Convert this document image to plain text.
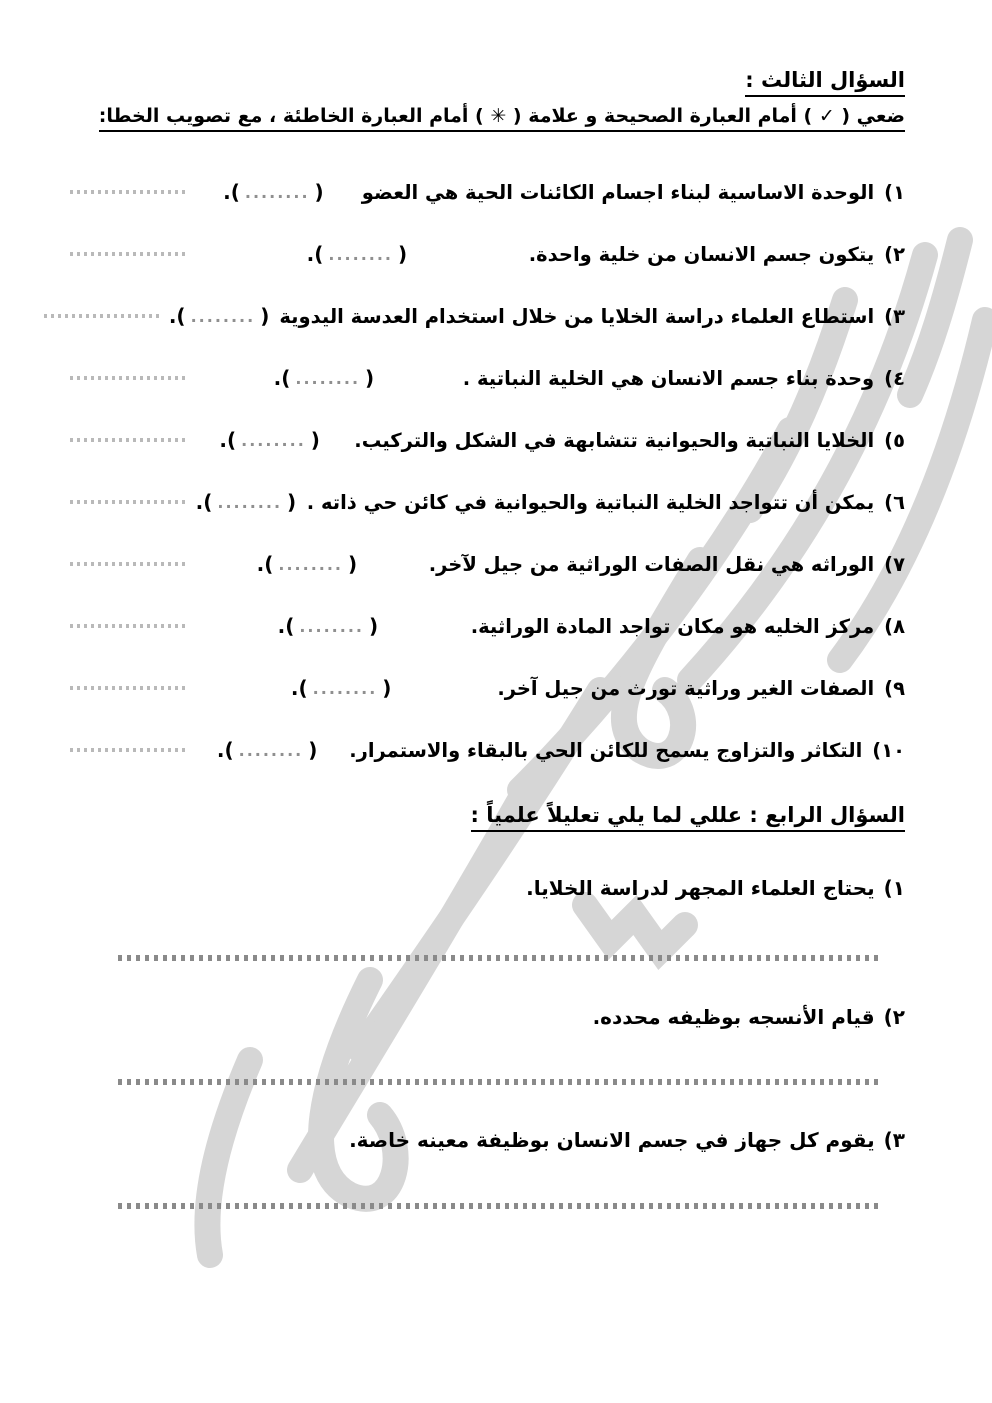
السؤال الثالث :
ضعي ( ✓ ) أمام العبارة الصحيحة و علامة ( ✳ ) أمام العبارة الخاطئة ، مع تصويب الخطا:
١)الوحدة الاساسية لبناء اجسام الكائنات الحية هي العضو
.( ........ )
٢)يتكون جسم الانسان من خلية واحدة.
.( ........ )
٣)استطاع العلماء دراسة الخلايا من خلال استخدام العدسة اليدوية
.( ........ )
٤)وحدة بناء جسم الانسان هي الخلية النباتية .
.( ........ )
٥)الخلايا النباتية والحيوانية تتشابهة في الشكل والتركيب.
.( ........ )
٦)يمكن أن تتواجد الخلية النباتية والحيوانية في كائن حي ذاته .
.( ........ )
٧)الوراثه هي نقل الصفات الوراثية من جيل لآخر.
.( ........ )
٨)مركز الخليه هو مكان تواجد المادة الوراثية.
.( ........ )
٩)الصفات الغير وراثية تورث من جيل آخر.
.( ........ )
١٠)التكاثر والتزاوج يسمح للكائن الحي بالبقاء والاستمرار.
.( ........ )
السؤال الرابع : عللي لما يلي تعليلاً علمياً :
١)يحتاج العلماء المجهر لدراسة الخلايا.
٢)قيام الأنسجه بوظيفه محدده.
٣)يقوم كل جهاز في جسم الانسان بوظيفة معينه خاصة.
